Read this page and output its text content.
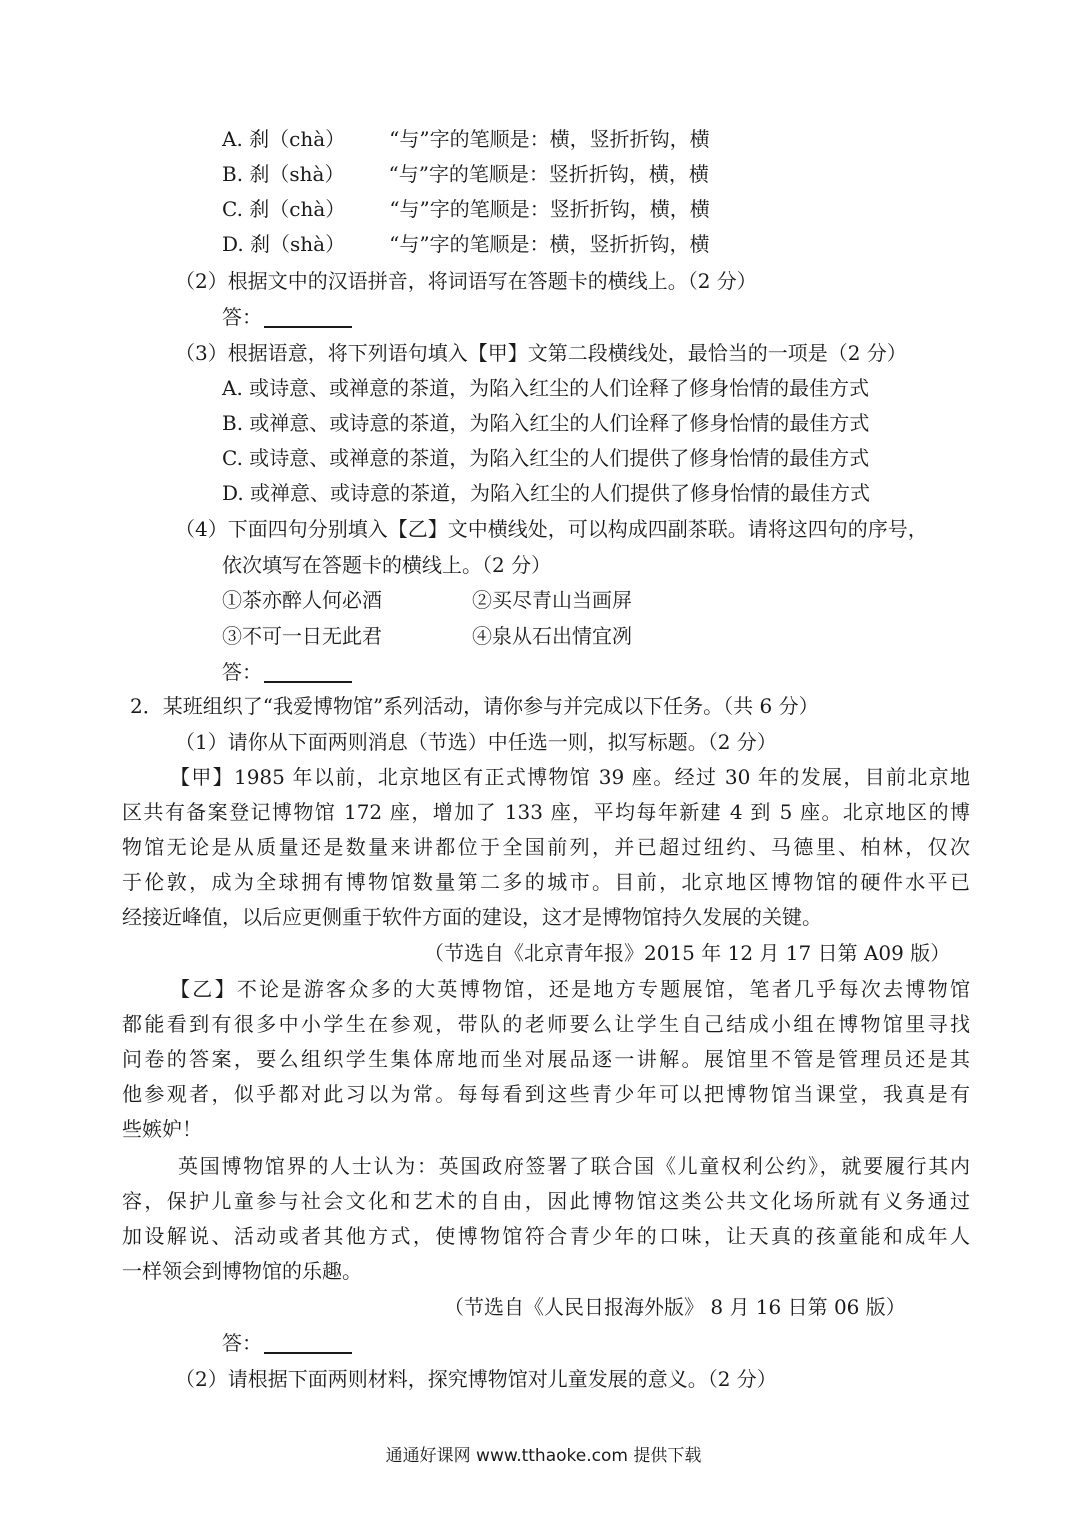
A. 刹（chà） “与”字的笔顺是：横，竖折折钩，横
B. 刹（shà） “与”字的笔顺是：竖折折钩，横，横
C. 刹（chà） “与”字的笔顺是：竖折折钩，横，横
D. 刹（shà） “与”字的笔顺是：横，竖折折钩，横
（2）根据文中的汉语拼音，将词语写在答题卡的横线上。（2 分）
答：
（3）根据语意，将下列语句填入【甲】文第二段横线处，最恰当的一项是（2 分）
A. 或诗意、或禅意的茶道，为陷入红尘的人们诠释了修身怡情的最佳方式
B. 或禅意、或诗意的茶道，为陷入红尘的人们诠释了修身怡情的最佳方式
C. 或诗意、或禅意的茶道，为陷入红尘的人们提供了修身怡情的最佳方式
D. 或禅意、或诗意的茶道，为陷入红尘的人们提供了修身怡情的最佳方式
（4）下面四句分别填入【乙】文中横线处，可以构成四副茶联。请将这四句的序号，
依次填写在答题卡的横线上。（2 分）
①茶亦醉人何必酒	②买尽青山当画屏
③不可一日无此君	④泉从石出情宜冽
答：
2．某班组织了“我爱博物馆”系列活动，请你参与并完成以下任务。（共 6 分）
（1）请你从下面两则消息（节选）中任选一则，拟写标题。（2 分）
【甲】1985 年以前，北京地区有正式博物馆 39 座。经过 30 年的发展，目前北京地
区共有备案登记博物馆 172 座，增加了 133 座，平均每年新建 4 到 5 座。北京地区的博
物馆无论是从质量还是数量来讲都位于全国前列，并已超过纽约、马德里、柏林，仅次
于伦敦，成为全球拥有博物馆数量第二多的城市。目前，北京地区博物馆的硬件水平已
经接近峰值，以后应更侧重于软件方面的建设，这才是博物馆持久发展的关键。
（节选自《北京青年报》2015 年 12 月 17 日第 A09 版）
【乙】不论是游客众多的大英博物馆，还是地方专题展馆，笔者几乎每次去博物馆
都能看到有很多中小学生在参观，带队的老师要么让学生自己结成小组在博物馆里寻找
问卷的答案，要么组织学生集体席地而坐对展品逐一讲解。展馆里不管是管理员还是其
他参观者，似乎都对此习以为常。每每看到这些青少年可以把博物馆当课堂，我真是有
些嫉妒！
英国博物馆界的人士认为：英国政府签署了联合国《儿童权利公约》，就要履行其内
容，保护儿童参与社会文化和艺术的自由，因此博物馆这类公共文化场所就有义务通过
加设解说、活动或者其他方式，使博物馆符合青少年的口味，让天真的孩童能和成年人
一样领会到博物馆的乐趣。
（节选自《人民日报海外版》 8 月 16 日第 06 版）
答：
（2）请根据下面两则材料，探究博物馆对儿童发展的意义。（2 分）
通通好课网 www.tthaoke.com 提供下载
